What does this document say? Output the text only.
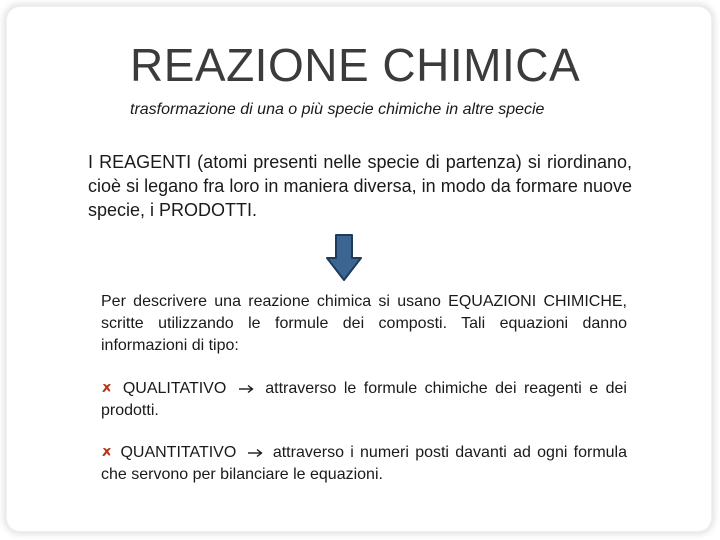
REAZIONE CHIMICA
trasformazione di una o più specie chimiche in altre specie
I REAGENTI (atomi presenti nelle specie di partenza) si riordinano, cioè si legano fra loro in maniera diversa, in modo da formare nuove specie, i PRODOTTI.
Per descrivere una reazione chimica si usano EQUAZIONI CHIMICHE, scritte utilizzando le formule dei composti. Tali equazioni danno informazioni di tipo:
🗶 QUALITATIVO attraverso le formule chimiche dei reagenti e dei prodotti.
🗶 QUANTITATIVO attraverso i numeri posti davanti ad ogni formula che servono per bilanciare le equazioni.
